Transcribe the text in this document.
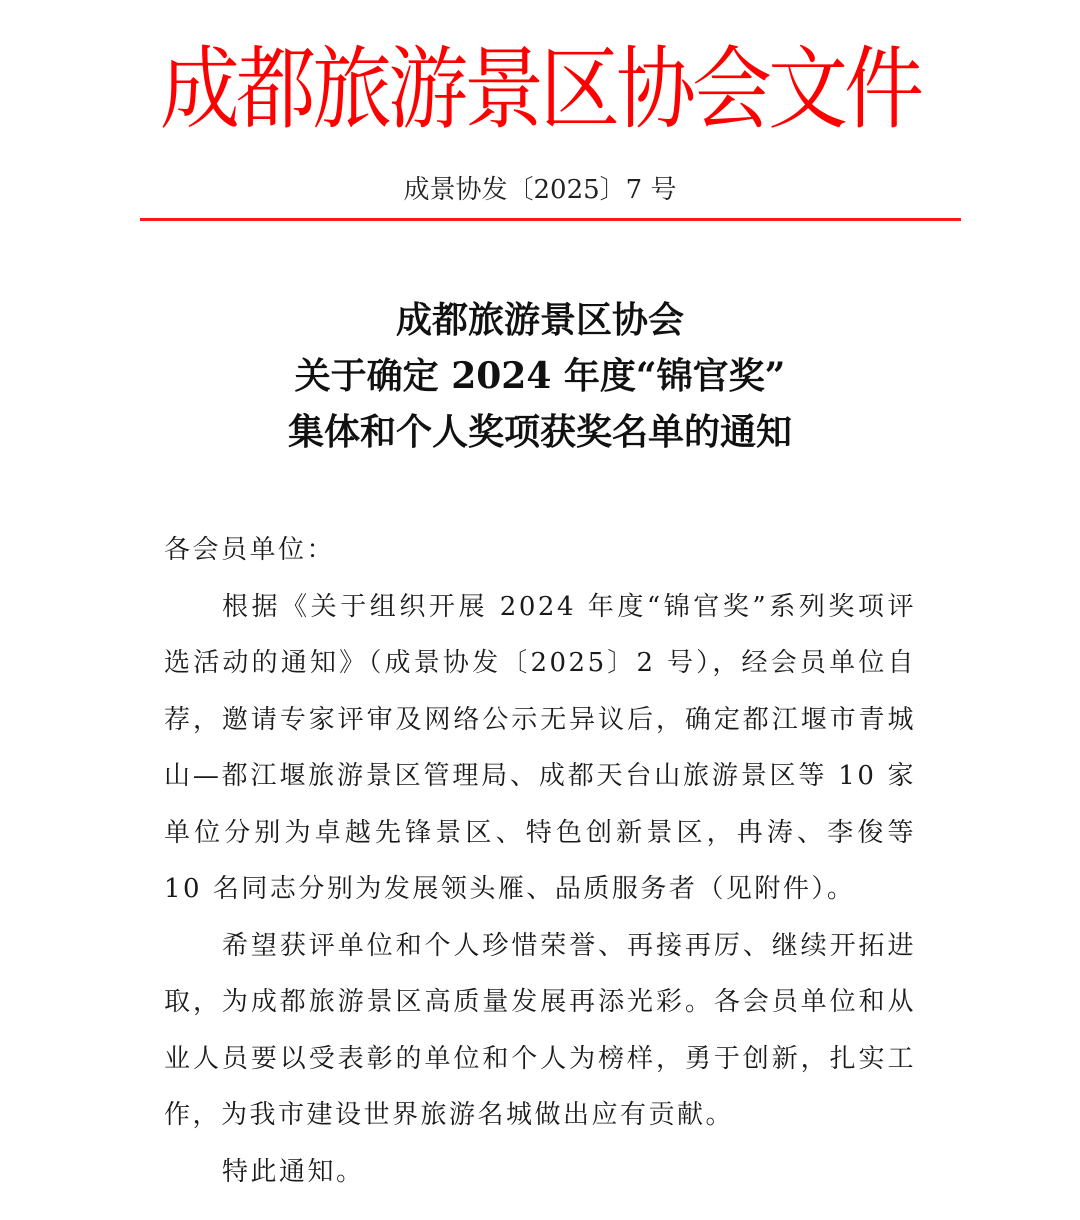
成都旅游景区协会文件
成景协发〔2025〕7 号
成都旅游景区协会
关于确定 2024 年度“锦官奖”
集体和个人奖项获奖名单的通知

各会员单位：

根据《关于组织开展 2024 年度“锦官奖”系列奖项评选活动的通知》（成景协发〔2025〕2 号），经会员单位自荐，邀请专家评审及网络公示无异议后，确定都江堰市青城山—都江堰旅游景区管理局、成都天台山旅游景区等 10 家单位分别为卓越先锋景区、特色创新景区，冉涛、李俊等 10 名同志分别为发展领头雁、品质服务者（见附件）。

希望获评单位和个人珍惜荣誉、再接再厉、继续开拓进取，为成都旅游景区高质量发展再添光彩。各会员单位和从业人员要以受表彰的单位和个人为榜样，勇于创新，扎实工作，为我市建设世界旅游名城做出应有贡献。

特此通知。
